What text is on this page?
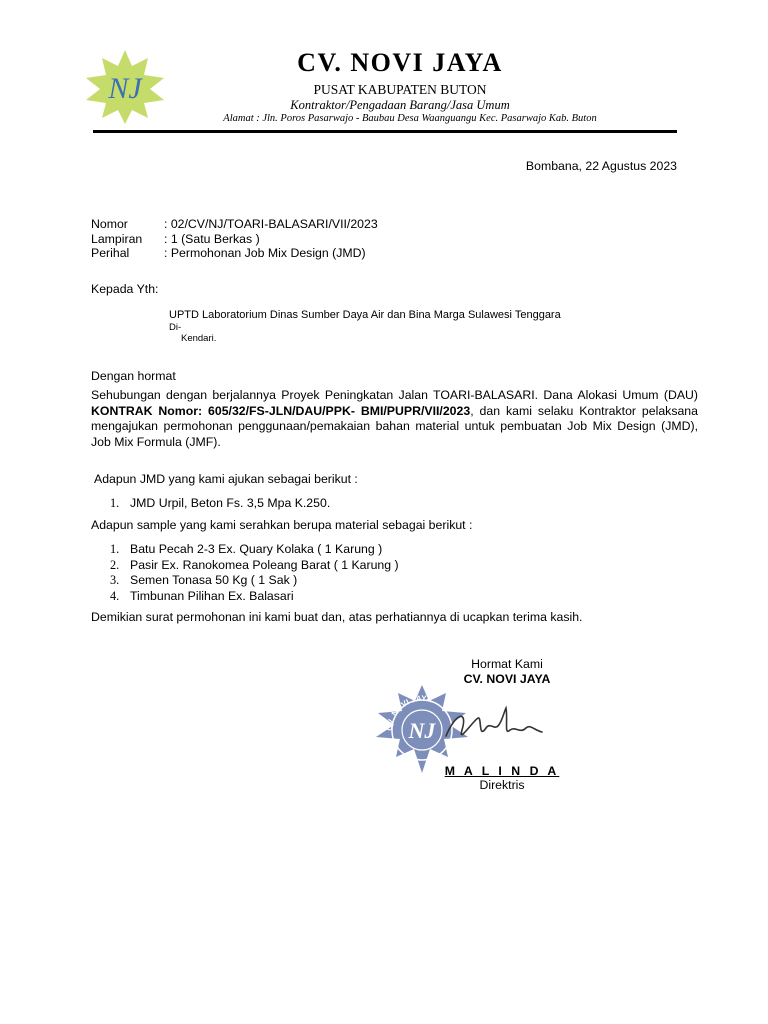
NJ
CV. NOVI JAYA
PUSAT KABUPATEN BUTON
Kontraktor/Pengadaan Barang/Jasa Umum
Alamat : Jln. Poros Pasarwajo - Baubau Desa Waanguangu Kec. Pasarwajo Kab. Buton
Bombana, 22 Agustus 2023
Nomor	: 02/CV/NJ/TOARI-BALASARI/VII/2023
Lampiran : 1 (Satu Berkas )
Perihal	: Permohonan Job Mix Design (JMD)
Kepada Yth:
UPTD Laboratorium Dinas Sumber Daya Air dan Bina Marga Sulawesi Tenggara
Di-
Kendari.
Dengan hormat
Sehubungan dengan berjalannya Proyek Peningkatan Jalan TOARI-BALASARI. Dana Alokasi Umum (DAU) KONTRAK Nomor: 605/32/FS-JLN/DAU/PPK- BMI/PUPR/VII/2023, dan kami selaku Kontraktor pelaksana mengajukan permohonan penggunaan/pemakaian bahan material untuk pembuatan Job Mix Design (JMD), Job Mix Formula (JMF).
Adapun JMD yang kami ajukan sebagai berikut :
1. JMD Urpil, Beton Fs. 3,5 Mpa K.250.
Adapun sample yang kami serahkan berupa material sebagai berikut :
1. Batu Pecah 2-3 Ex. Quary Kolaka ( 1 Karung )
2. Pasir Ex. Ranokomea Poleang Barat ( 1 Karung )
3. Semen Tonasa 50 Kg ( 1 Sak )
4. Timbunan Pilihan Ex. Balasari
Demikian surat permohonan ini kami buat dan, atas perhatiannya di ucapkan terima kasih.
Hormat Kami
CV. NOVI JAYA
CV. NOVI JAYA
NJ
M A L I N D A
Direktris
